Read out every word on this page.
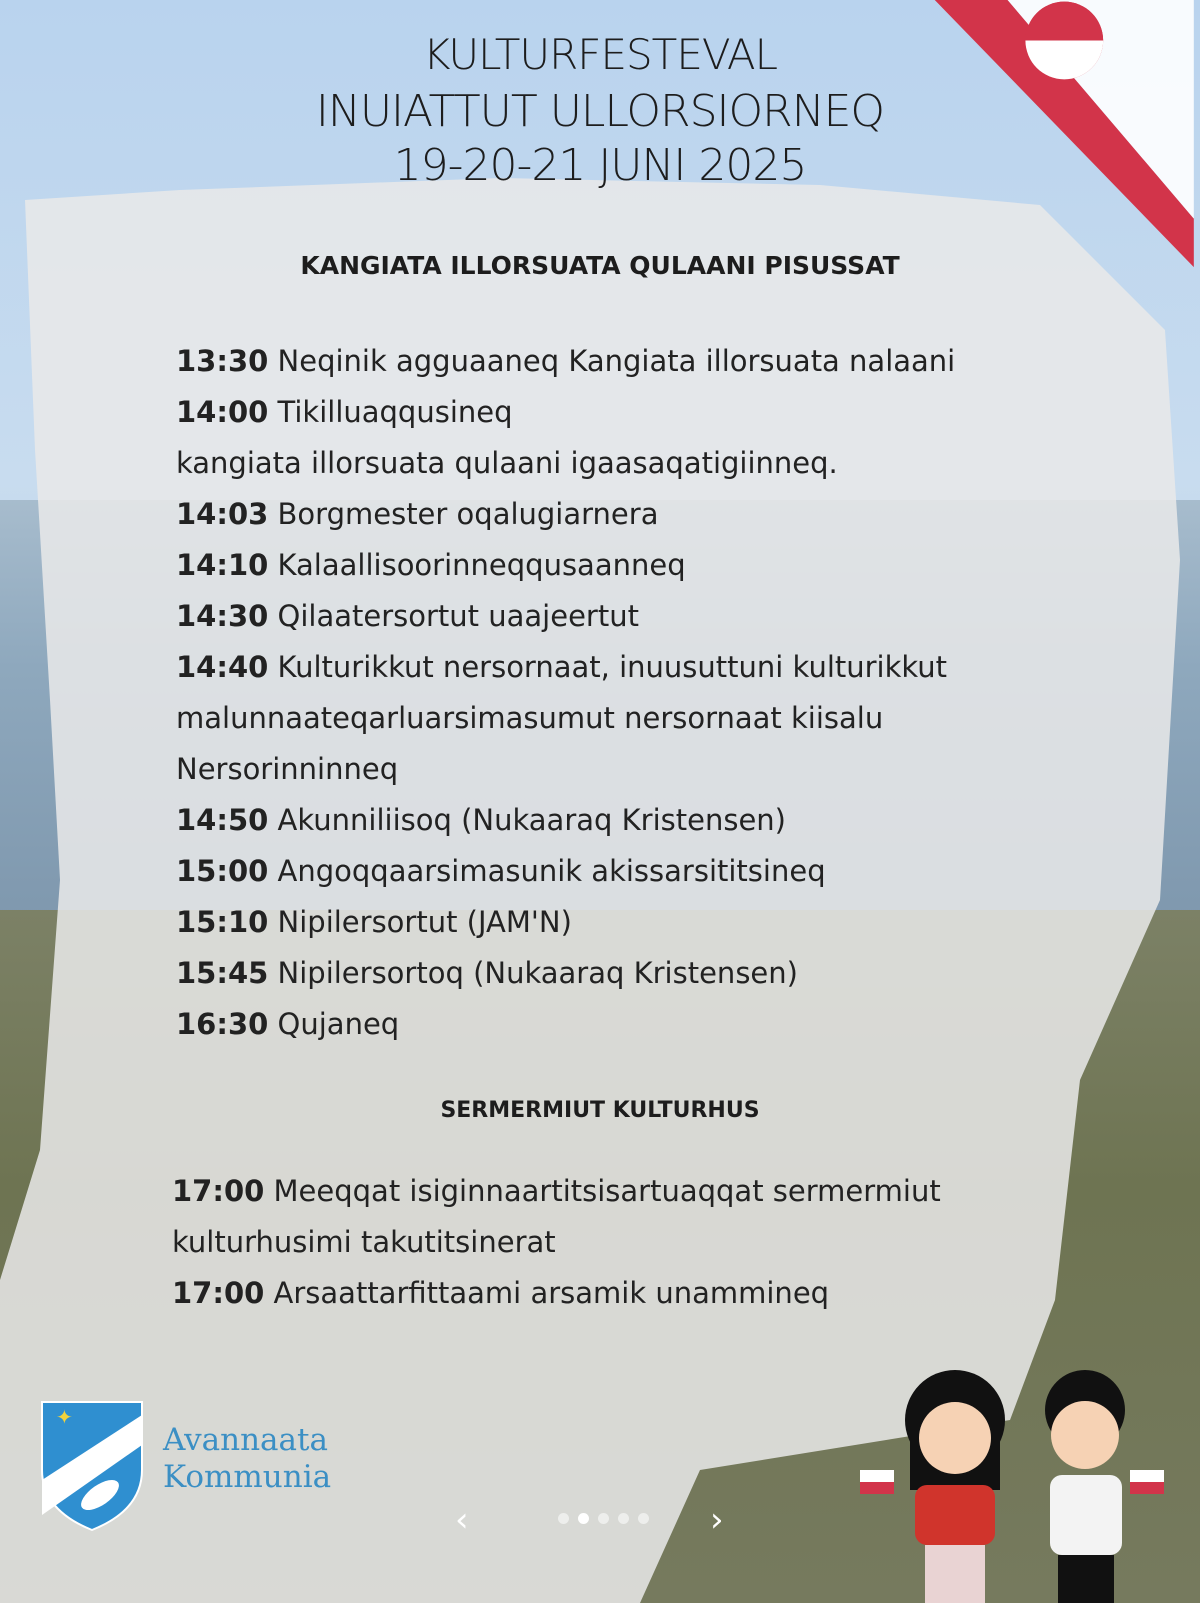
KULTURFESTEVAL
INUIATTUT ULLORSIORNEQ
19-20-21 JUNI 2025
KANGIATA ILLORSUATA QULAANI PISUSSAT
13:30 Neqinik agguaaneq Kangiata illorsuata nalaani
14:00 Tikilluaqqusineq
kangiata illorsuata qulaani igaasaqatigiinneq.
14:03 Borgmester oqalugiarnera
14:10 Kalaallisoorinneqqusaanneq
14:30 Qilaatersortut uaajeertut
14:40 Kulturikkut nersornaat, inuusuttuni kulturikkut
malunnaateqarluarsimasumut nersornaat kiisalu
Nersorinninneq
14:50 Akunniliisoq (Nukaaraq Kristensen)
15:00 Angoqqaarsimasunik akissarsititsineq
15:10 Nipilersortut (JAM'N)
15:45 Nipilersortoq (Nukaaraq Kristensen)
16:30 Qujaneq
SERMERMIUT KULTURHUS
17:00 Meeqqat isiginnaartitsisartuaqqat sermermiut
kulturhusimi takutitsinerat
17:00 Arsaattarfittaami arsamik unammineq
✦
Avannaata
Kommunia
‹	›
